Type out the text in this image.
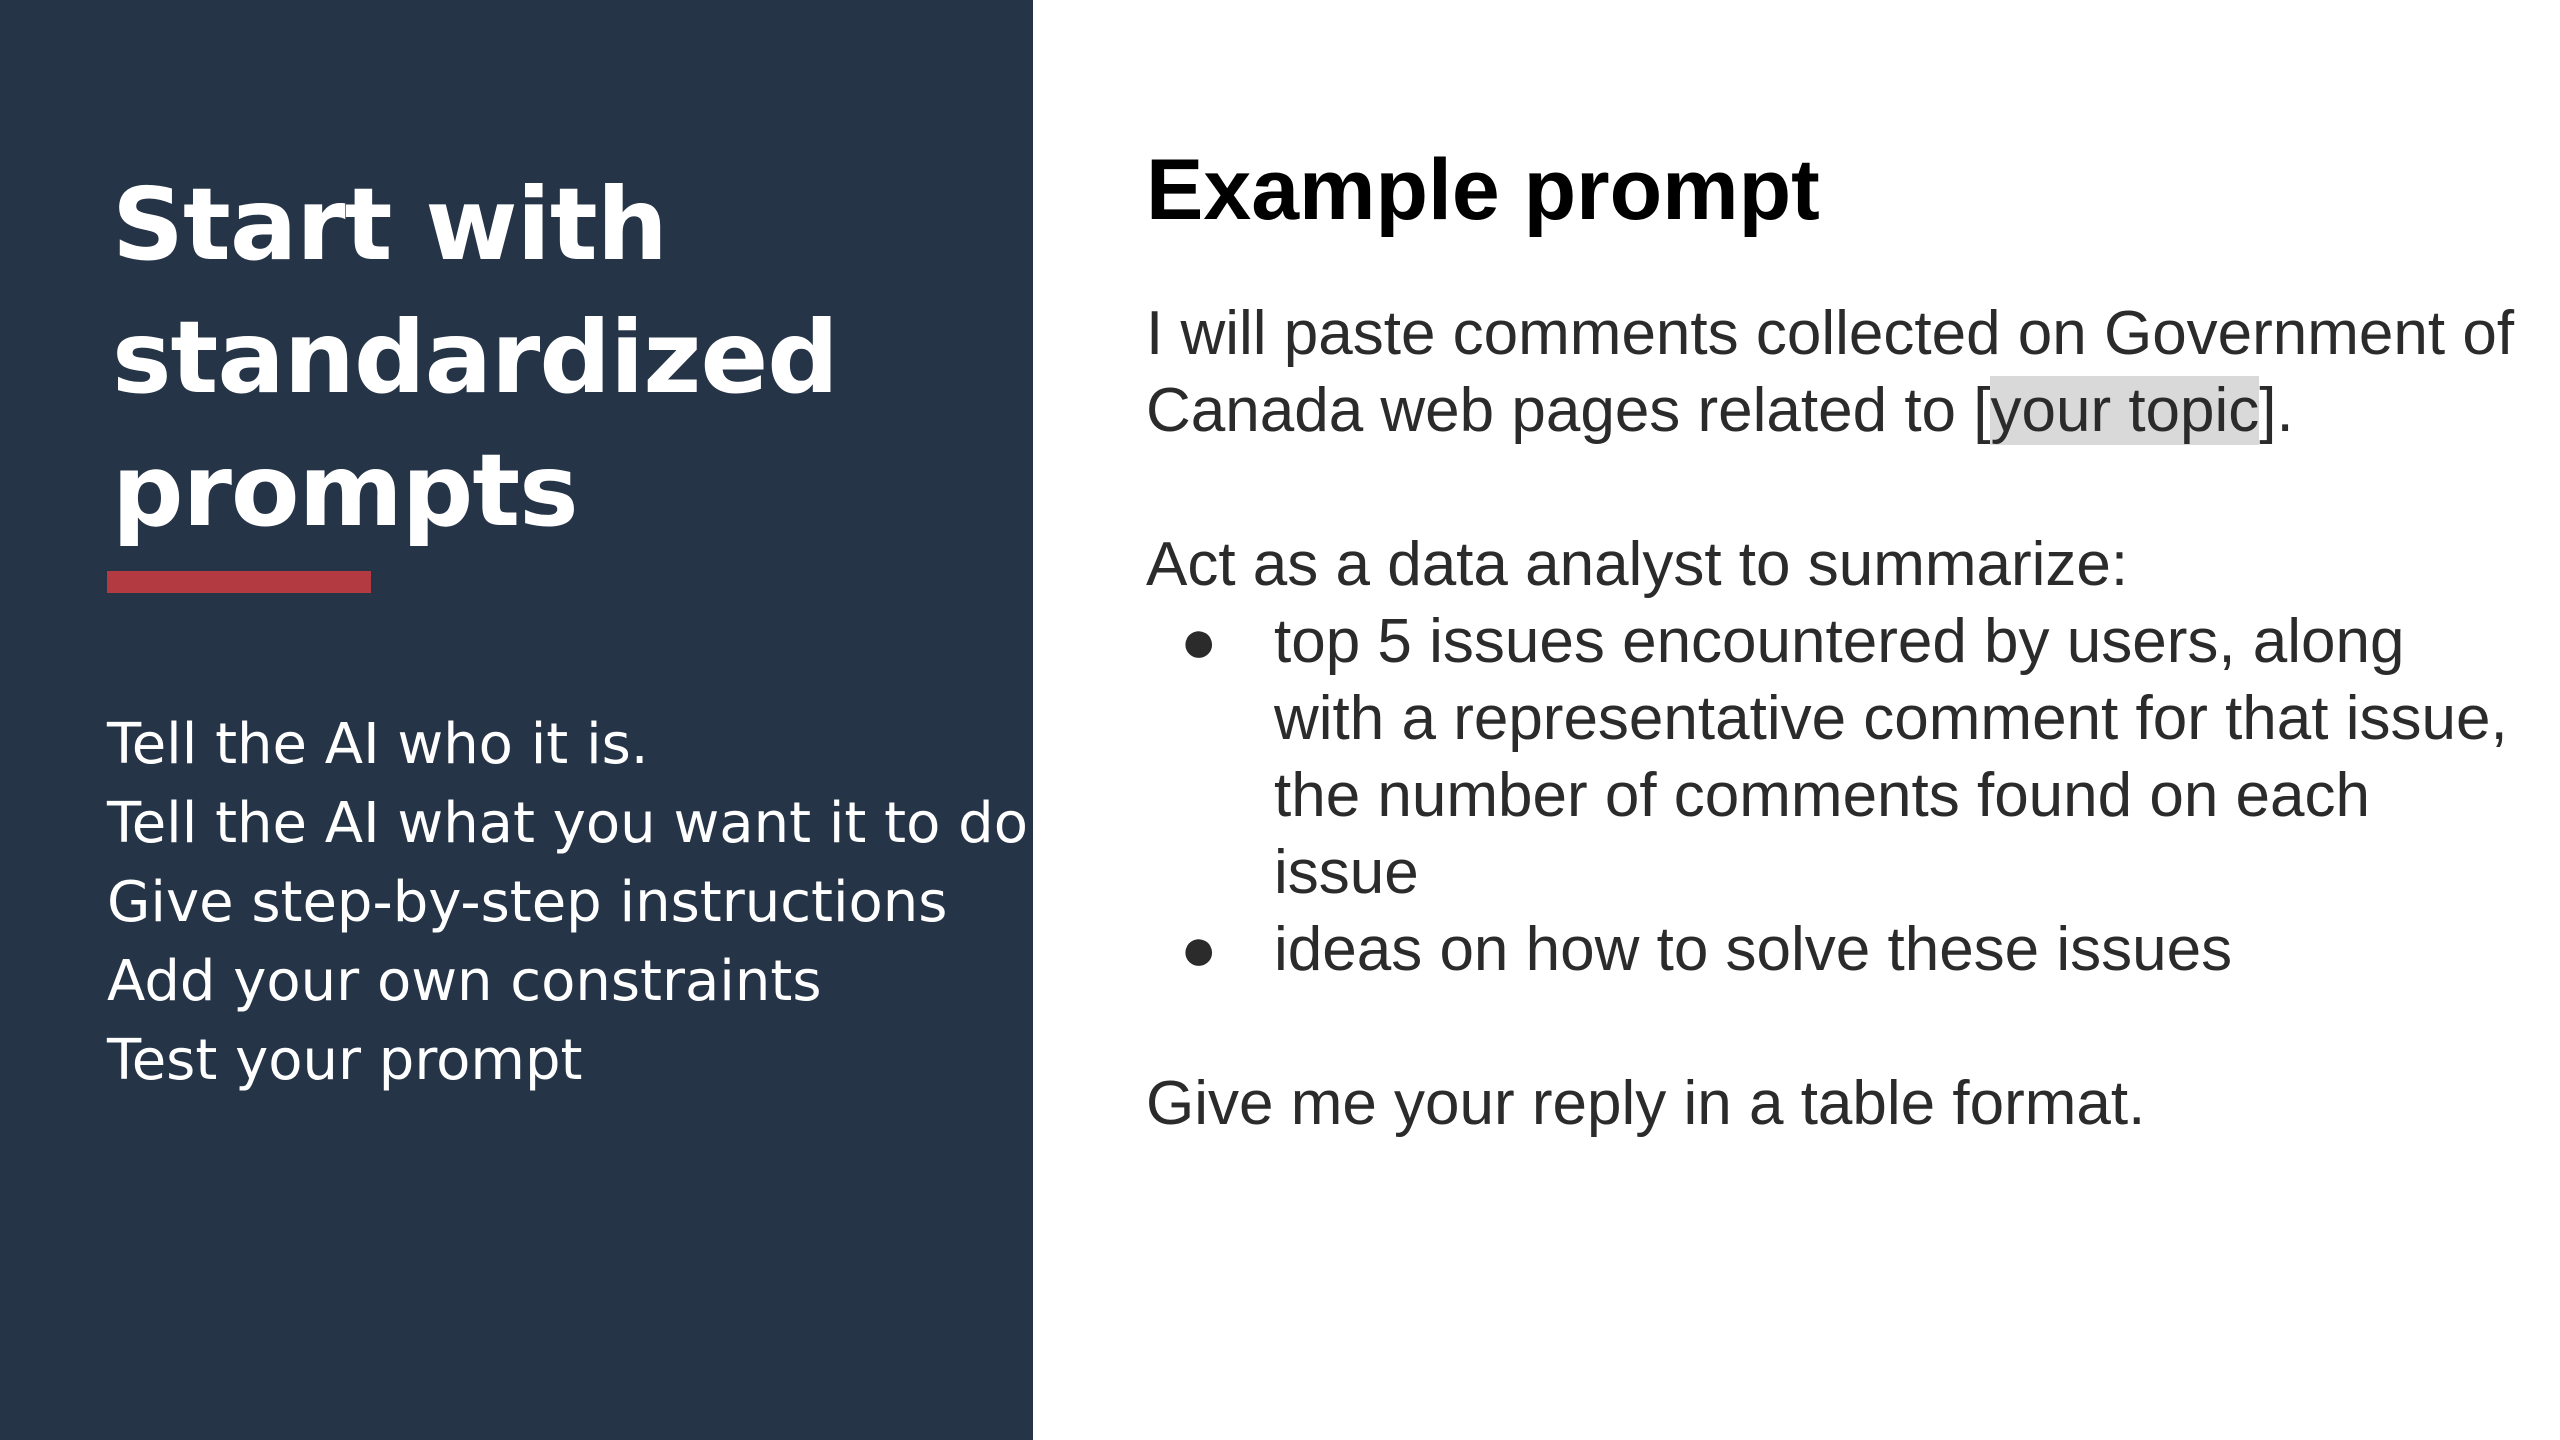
Start with
standardized
prompts
Tell the AI who it is.
Tell the AI what you want it to do
Give step-by-step instructions
Add your own constraints
Test your prompt
Example prompt

I will paste comments collected on Government of Canada web pages related to [your topic].

Act as a data analyst to summarize:

● top 5 issues encountered by users, along with a representative comment for that issue, the number of comments found on each issue
● ideas on how to solve these issues

Give me your reply in a table format.
